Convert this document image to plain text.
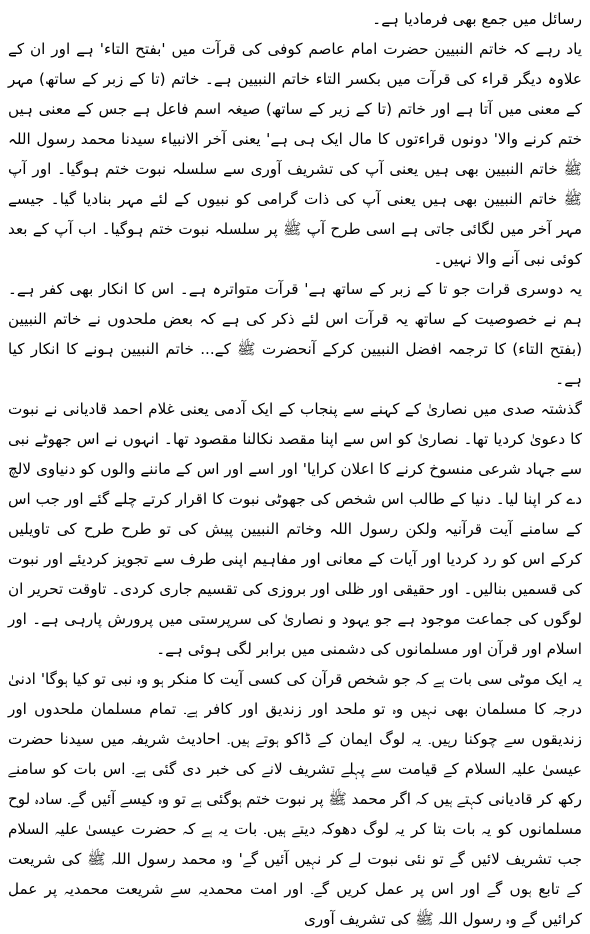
رسائل میں جمع بھی فرمادیا ہے۔

یاد رہے کہ خاتم النبیین حضرت امام عاصم کوفی کی قرآت میں 'بفتح التاء' ہے اور ان کے علاوہ دیگر قراء کی قرآت میں بکسر التاء خاتم النبیین ہے۔ خاتم (تا کے زبر کے ساتھ) مہر کے معنی میں آتا ہے اور خاتم (تا کے زیر کے ساتھ) صیغہ اسم فاعل ہے جس کے معنی ہیں ختم کرنے والا' دونوں قراءتوں کا مال ایک ہی ہے' یعنی آخر الانبیاء سیدنا محمد رسول اللہ ﷺ خاتم النبیین بھی ہیں یعنی آپ کی تشریف آوری سے سلسلہ نبوت ختم ہوگیا۔ اور آپ ﷺ خاتم النبیین بھی ہیں یعنی آپ کی ذات گرامی کو نبیوں کے لئے مہر بنادیا گیا۔ جیسے مہر آخر میں لگائی جاتی ہے اسی طرح آپ ﷺ پر سلسلہ نبوت ختم ہوگیا۔ اب آپ کے بعد کوئی نبی آنے والا نہیں۔

یہ دوسری قرات جو تا کے زبر کے ساتھ ہے' قرآت متواترہ ہے۔ اس کا انکار بھی کفر ہے۔ ہم نے خصوصیت کے ساتھ یہ قرآت اس لئے ذکر کی ہے کہ بعض ملحدوں نے خاتم النبیین (بفتح التاء) کا ترجمہ افضل النبیین کرکے آنحضرت ﷺ کے... خاتم النبیین ہونے کا انکار کیا ہے۔

گذشتہ صدی میں نصاریٰ کے کہنے سے پنجاب کے ایک آدمی یعنی غلام احمد قادیانی نے نبوت کا دعویٰ کردیا تھا۔ نصاریٰ کو اس سے اپنا مقصد نکالنا مقصود تھا۔ انہوں نے اس جھوٹے نبی سے جہاد شرعی منسوخ کرنے کا اعلان کرایا' اور اسے اور اس کے ماننے والوں کو دنیاوی لالچ دے کر اپنا لیا۔ دنیا کے طالب اس شخص کی جھوٹی نبوت کا اقرار کرتے چلے گئے اور جب اس کے سامنے آیت قرآنیہ ولکن رسول اللہ وخاتم النبیین پیش کی تو طرح طرح کی تاویلیں کرکے اس کو رد کردیا اور آیات کے معانی اور مفاہیم اپنی طرف سے تجویز کردیئے اور نبوت کی قسمیں بنالیں۔ اور حقیقی اور ظلی اور بروزی کی تقسیم جاری کردی۔ تاوقت تحریر ان لوگوں کی جماعت موجود ہے جو یہود و نصاریٰ کی سرپرستی میں پرورش پارہی ہے۔ اور اسلام اور قرآن اور مسلمانوں کی دشمنی میں برابر لگی ہوئی ہے۔

یہ ایک موٹی سی بات ہے کہ جو شخص قرآن کی کسی آیت کا منکر ہو وہ نبی تو کیا ہوگا' ادنیٰ درجہ کا مسلمان بھی نہیں وہ تو ملحد اور زندیق اور کافر ہے۔ تمام مسلمان ملحدوں اور زندیقوں سے چوکنا رہیں۔ یہ لوگ ایمان کے ڈاکو ہوتے ہیں۔ احادیث شریفہ میں سیدنا حضرت عیسیٰ علیہ السلام کے قیامت سے پہلے تشریف لانے کی خبر دی گئی ہے۔ اس بات کو سامنے رکھ کر قادیانی کہتے ہیں کہ اگر محمد ﷺ پر نبوت ختم ہوگئی ہے تو وہ کیسے آئیں گے۔ سادہ لوح مسلمانوں کو یہ بات بتا کر یہ لوگ دھوکہ دیتے ہیں۔ بات یہ ہے کہ حضرت عیسیٰ علیہ السلام جب تشریف لائیں گے تو نئی نبوت لے کر نہیں آئیں گے' وہ محمد رسول اللہ ﷺ کی شریعت کے تابع ہوں گے اور اس پر عمل کریں گے۔ اور امت محمدیہ سے شریعت محمدیہ پر عمل کرائیں گے وہ رسول اللہ ﷺ کی تشریف آوری
